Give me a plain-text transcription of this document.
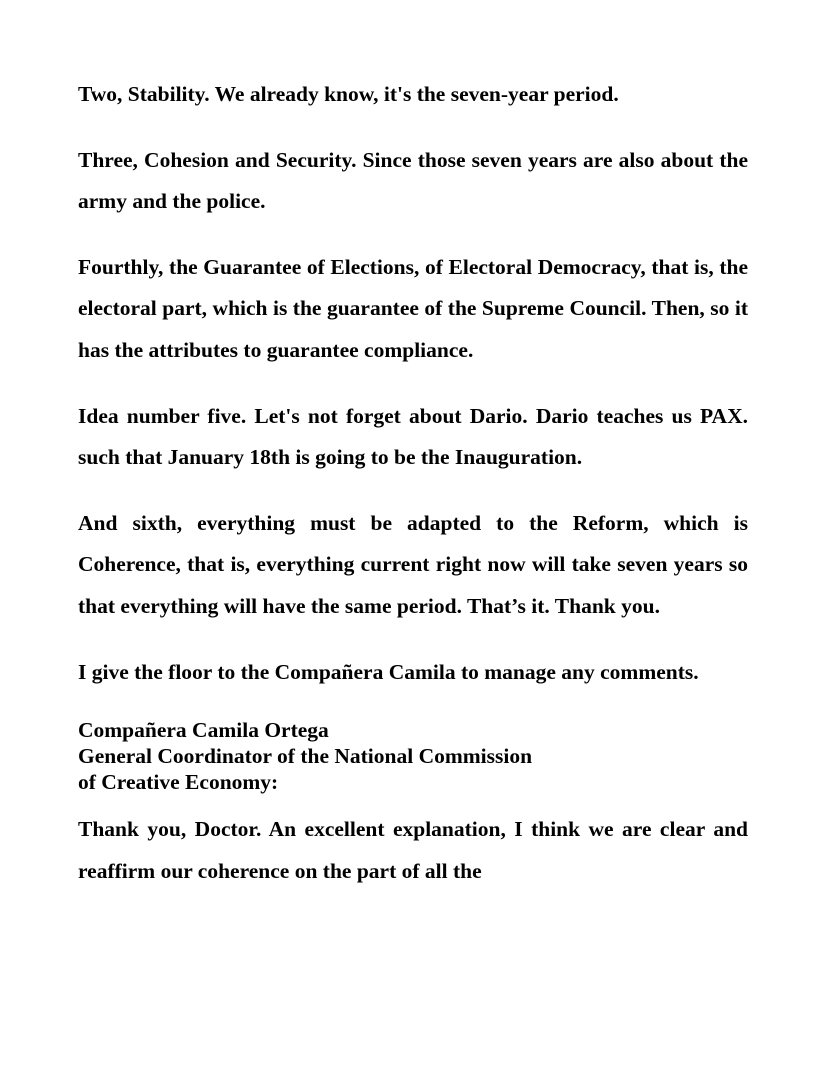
Two, Stability. We already know, it's the seven-year period.

Three, Cohesion and Security. Since those seven years are also about the army and the police.

Fourthly, the Guarantee of Elections, of Electoral Democracy, that is, the electoral part, which is the guarantee of the Supreme Council. Then, so it has the attributes to guarantee compliance.

Idea number five. Let's not forget about Dario. Dario teaches us PAX. such that January 18th is going to be the Inauguration.

And sixth, everything must be adapted to the Reform, which is Coherence, that is, everything current right now will take seven years so that everything will have the same period. That’s it. Thank you.

I give the floor to the Compañera Camila to manage any comments.

Compañera Camila Ortega
General Coordinator of the National Commission
of Creative Economy:

Thank you, Doctor. An excellent explanation, I think we are clear and reaffirm our coherence on the part of all the
